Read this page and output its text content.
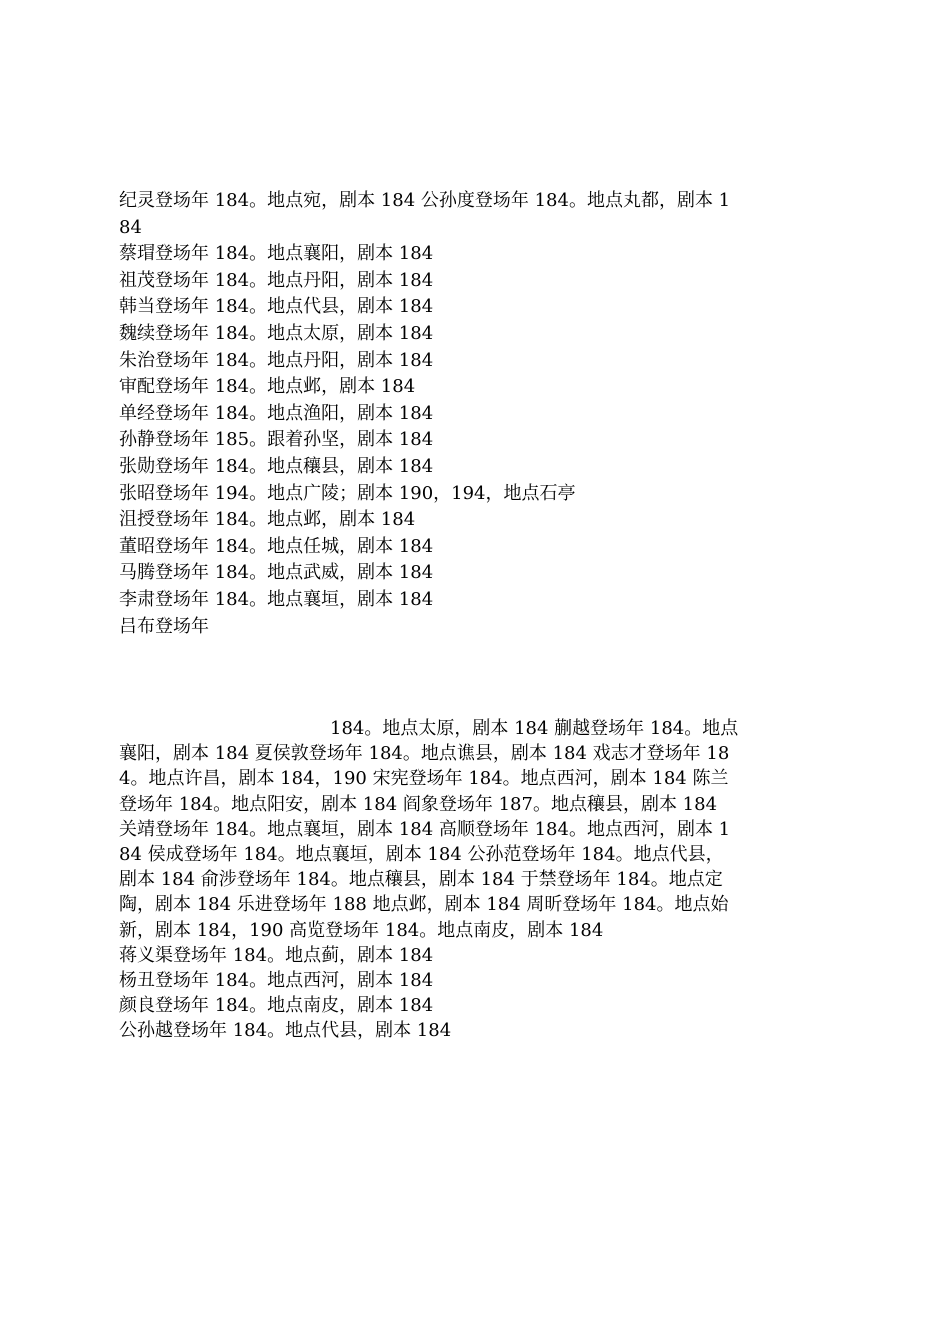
纪灵登场年 184。地点宛，剧本 184 公孙度登场年 184。地点丸都，剧本 1
84
蔡瑁登场年 184。地点襄阳，剧本 184
祖茂登场年 184。地点丹阳，剧本 184
韩当登场年 184。地点代县，剧本 184
魏续登场年 184。地点太原，剧本 184
朱治登场年 184。地点丹阳，剧本 184
审配登场年 184。地点邺，剧本 184
单经登场年 184。地点渔阳，剧本 184
孙静登场年 185。跟着孙坚，剧本 184
张勋登场年 184。地点穰县，剧本 184
张昭登场年 194。地点广陵；剧本 190，194，地点石亭
沮授登场年 184。地点邺，剧本 184
董昭登场年 184。地点任城，剧本 184
马腾登场年 184。地点武威，剧本 184
李肃登场年 184。地点襄垣，剧本 184
吕布登场年
184。地点太原，剧本 184 蒯越登场年 184。地点
襄阳，剧本 184 夏侯敦登场年 184。地点谯县，剧本 184 戏志才登场年 18
4。地点许昌，剧本 184，190 宋宪登场年 184。地点西河，剧本 184 陈兰
登场年 184。地点阳安，剧本 184 阎象登场年 187。地点穰县，剧本 184
关靖登场年 184。地点襄垣，剧本 184 高顺登场年 184。地点西河，剧本 1
84 侯成登场年 184。地点襄垣，剧本 184 公孙范登场年 184。地点代县，
剧本 184 俞涉登场年 184。地点穰县，剧本 184 于禁登场年 184。地点定
陶，剧本 184 乐进登场年 188 地点邺，剧本 184 周昕登场年 184。地点始
新，剧本 184，190 高览登场年 184。地点南皮，剧本 184
蒋义渠登场年 184。地点蓟，剧本 184
杨丑登场年 184。地点西河，剧本 184
颜良登场年 184。地点南皮，剧本 184
公孙越登场年 184。地点代县，剧本 184
